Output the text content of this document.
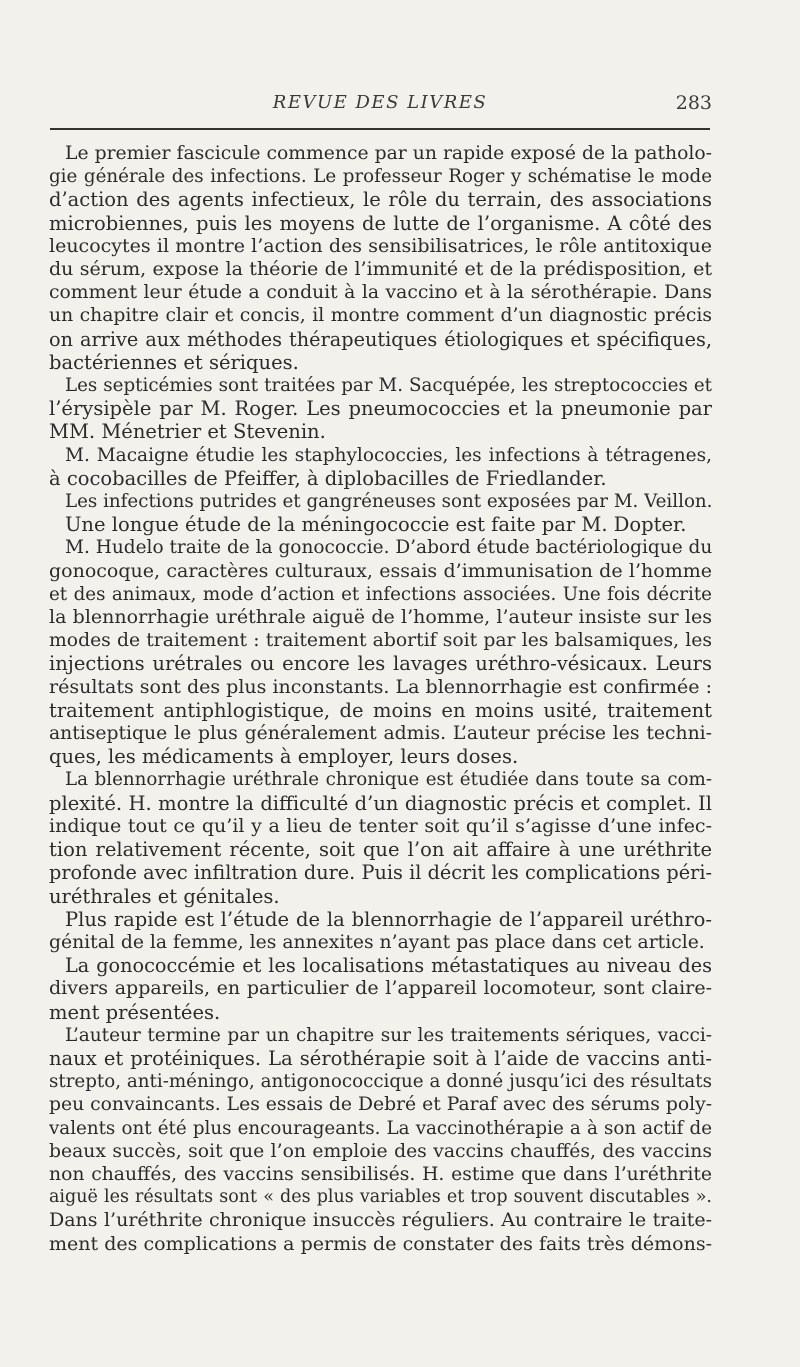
REVUE DES LIVRES	283
Le premier fascicule commence par un rapide exposé de la patholo-
gie générale des infections. Le professeur Roger y schématise le mode
d’action des agents infectieux, le rôle du terrain, des associations
microbiennes, puis les moyens de lutte de l’organisme. A côté des
leucocytes il montre l’action des sensibilisatrices, le rôle antitoxique
du sérum, expose la théorie de l’immunité et de la prédisposition, et
comment leur étude a conduit à la vaccino et à la sérothérapie. Dans
un chapitre clair et concis, il montre comment d’un diagnostic précis
on arrive aux méthodes thérapeutiques étiologiques et spécifiques,
bactériennes et sériques.
Les septicémies sont traitées par M. Sacquépée, les streptococcies et
l’érysipèle par M. Roger. Les pneumococcies et la pneumonie par
MM. Ménetrier et Stevenin.
M. Macaigne étudie les staphylococcies, les infections à tétragenes,
à cocobacilles de Pfeiffer, à diplobacilles de Friedlander.
Les infections putrides et gangréneuses sont exposées par M. Veillon.
Une longue étude de la méningococcie est faite par M. Dopter.
M. Hudelo traite de la gonococcie. D’abord étude bactériologique du
gonocoque, caractères culturaux, essais d’immunisation de l’homme
et des animaux, mode d’action et infections associées. Une fois décrite
la blennorrhagie uréthrale aiguë de l’homme, l’auteur insiste sur les
modes de traitement : traitement abortif soit par les balsamiques, les
injections urétrales ou encore les lavages uréthro-vésicaux. Leurs
résultats sont des plus inconstants. La blennorrhagie est confirmée :
traitement antiphlogistique, de moins en moins usité, traitement
antiseptique le plus généralement admis. L’auteur précise les techni-
ques, les médicaments à employer, leurs doses.
La blennorrhagie uréthrale chronique est étudiée dans toute sa com-
plexité. H. montre la difficulté d’un diagnostic précis et complet. Il
indique tout ce qu’il y a lieu de tenter soit qu’il s’agisse d’une infec-
tion relativement récente, soit que l’on ait affaire à une uréthrite
profonde avec infiltration dure. Puis il décrit les complications péri-
uréthrales et génitales.
Plus rapide est l’étude de la blennorrhagie de l’appareil uréthro-
génital de la femme, les annexites n’ayant pas place dans cet article.
La gonococcémie et les localisations métastatiques au niveau des
divers appareils, en particulier de l’appareil locomoteur, sont claire-
ment présentées.
L’auteur termine par un chapitre sur les traitements sériques, vacci-
naux et protéiniques. La sérothérapie soit à l’aide de vaccins anti-
strepto, anti-méningo, antigonococcique a donné jusqu’ici des résultats
peu convaincants. Les essais de Debré et Paraf avec des sérums poly-
valents ont été plus encourageants. La vaccinothérapie a à son actif de
beaux succès, soit que l’on emploie des vaccins chauffés, des vaccins
non chauffés, des vaccins sensibilisés. H. estime que dans l’uréthrite
aiguë les résultats sont « des plus variables et trop souvent discutables ».
Dans l’uréthrite chronique insuccès réguliers. Au contraire le traite-
ment des complications a permis de constater des faits très démons-
